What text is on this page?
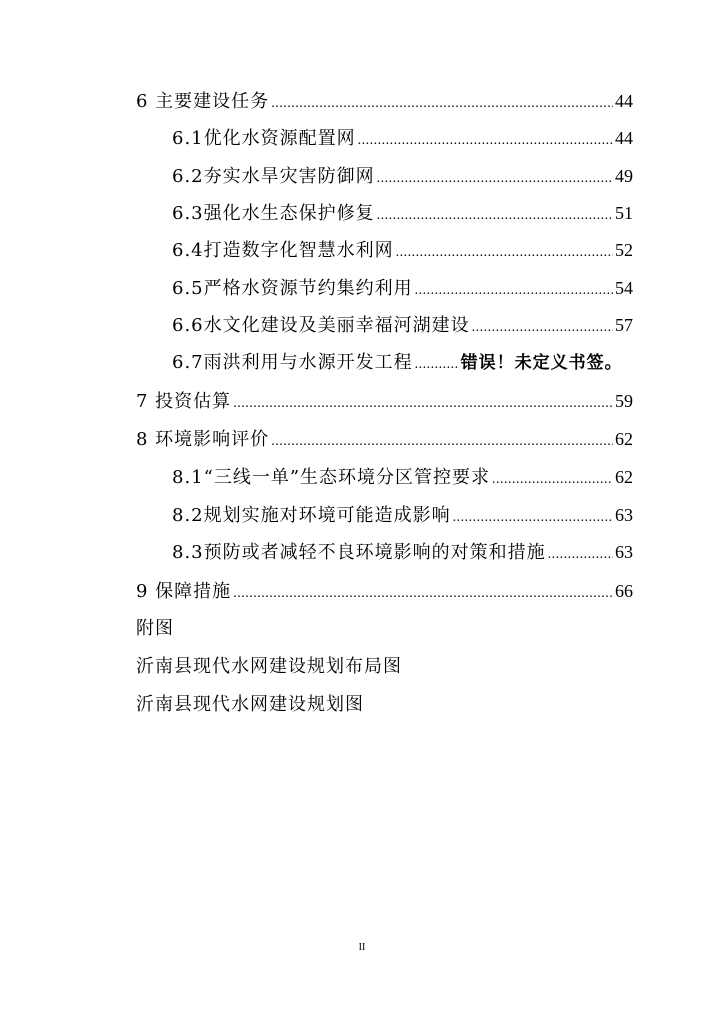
6 主要建设任务 .....	44
6.1优化水资源配置网 .....	44
6.2夯实水旱灾害防御网 .....	49
6.3强化水生态保护修复 .....	51
6.4打造数字化智慧水利网 .....	52
6.5严格水资源节约集约利用 .....	54
6.6水文化建设及美丽幸福河湖建设 .....	57
6.7雨洪利用与水源开发工程 .....	错误！未定义书签。
7 投资估算 .....	59
8 环境影响评价 .....	62
8.1“三线一单”生态环境分区管控要求 .....	62
8.2规划实施对环境可能造成影响 .....	63
8.3预防或者减轻不良环境影响的对策和措施 .....	63
9 保障措施 .....	66
附图
沂南县现代水网建设规划布局图
沂南县现代水网建设规划图
II
